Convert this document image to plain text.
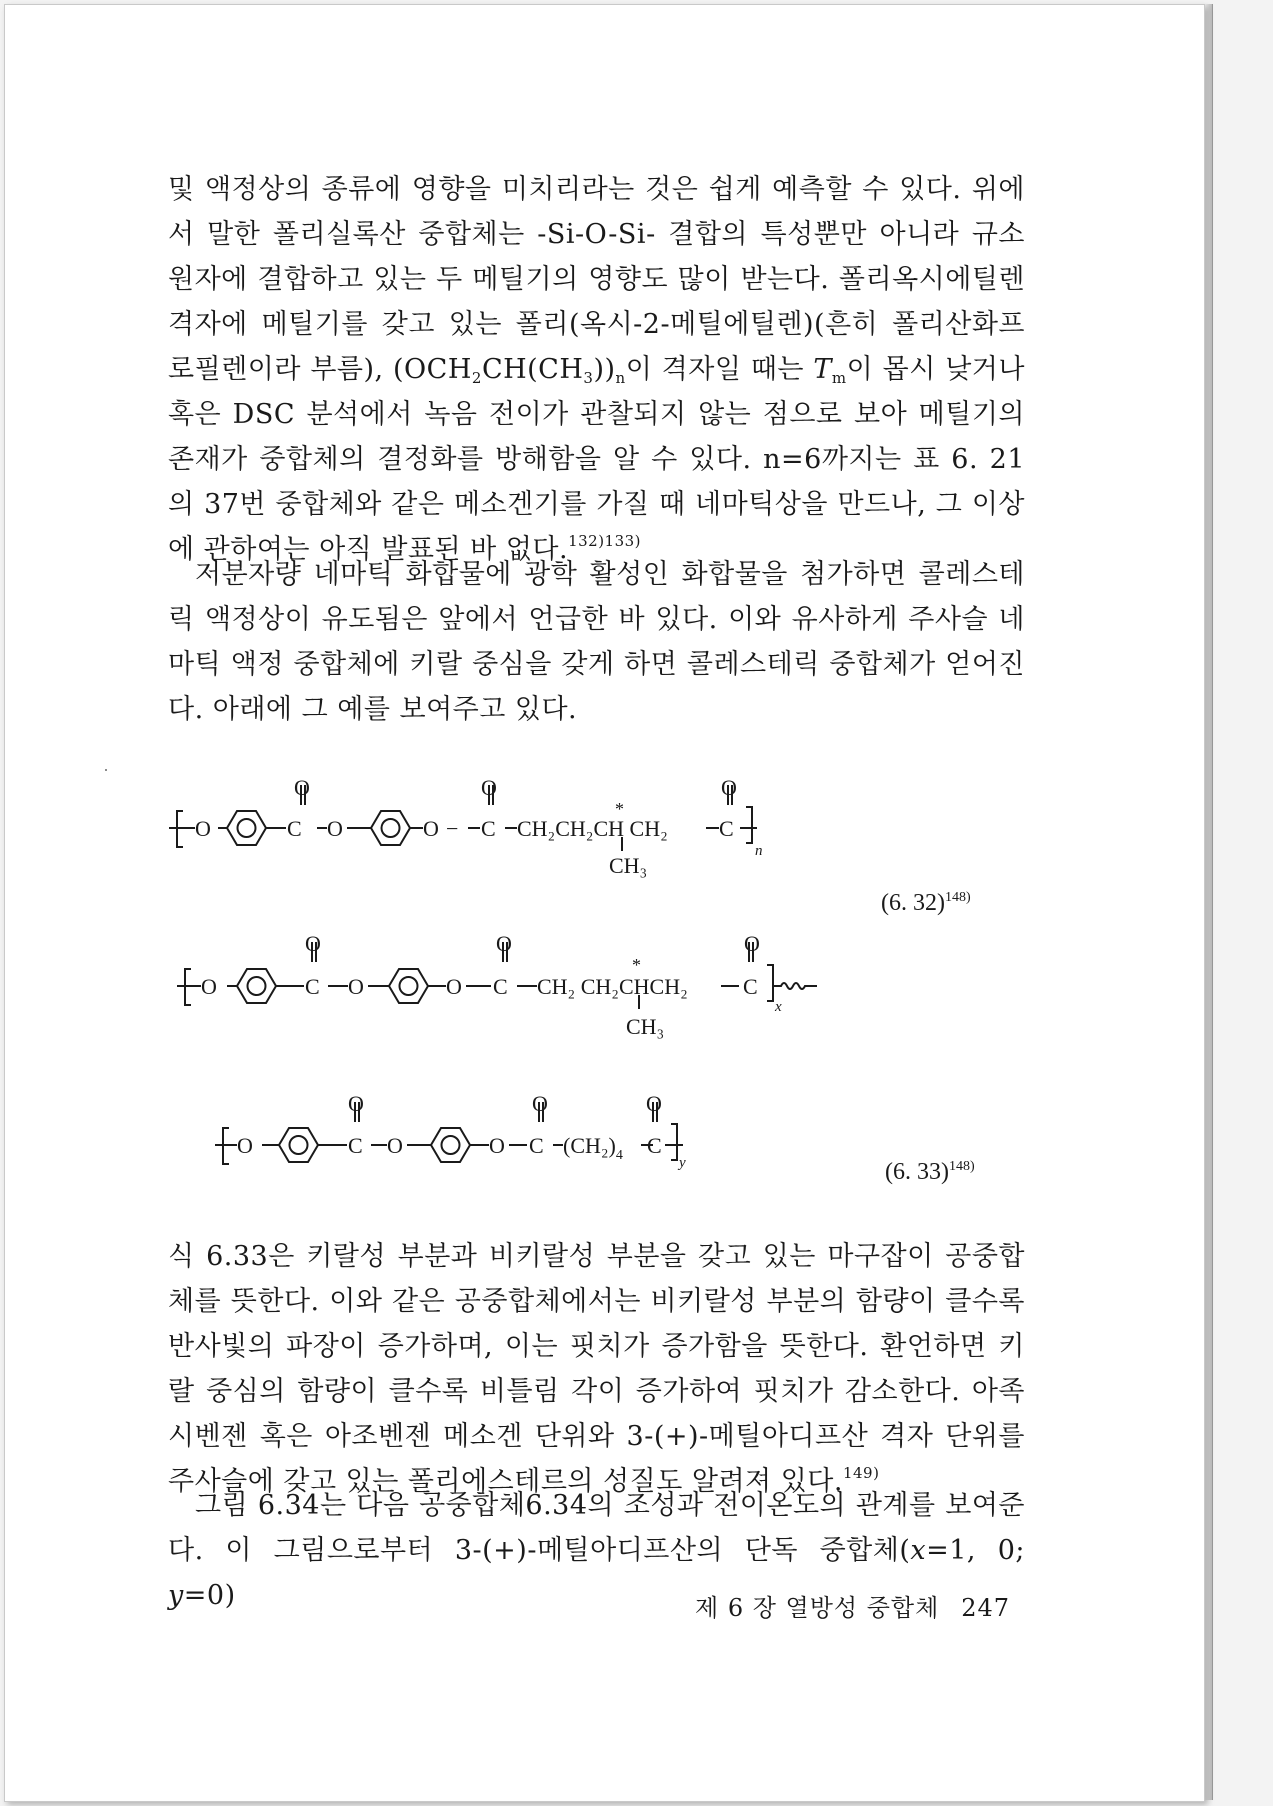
및 액정상의 종류에 영향을 미치리라는 것은 쉽게 예측할 수 있다. 위에서 말한 폴리실록산 중합체는 -Si-O-Si- 결합의 특성뿐만 아니라 규소 원자에 결합하고 있는 두 메틸기의 영향도 많이 받는다. 폴리옥시에틸렌 격자에 메틸기를 갖고 있는 폴리(옥시-2-메틸에틸렌)(흔히 폴리산화프로필렌이라 부름), $(OCH_2CH(CH_3))_n$이 격자일 때는 $T_m$이 몹시 낮거나 혹은 DSC 분석에서 녹음 전이가 관찰되지 않는 점으로 보아 메틸기의 존재가 중합체의 결정화를 방해함을 알 수 있다. n=6까지는 표 6. 21의 37번 중합체와 같은 메소겐기를 가질 때 네마틱상을 만드나, 그 이상에 관하여는 아직 발표된 바 없다.$^{132)133)}$

저분자량 네마틱 화합물에 광학 활성인 화합물을 첨가하면 콜레스테릭 액정상이 유도됨은 앞에서 언급한 바 있다. 이와 유사하게 주사슬 네마틱 액정 중합체에 키랄 중심을 갖게 하면 콜레스테릭 중합체가 얻어진다. 아래에 그 예를 보여주고 있다.

O	C O
O
O − C
O
CH₂CH₂CH CH₂
*
CH₃
C
O
n
(6. 32)$^{148)}$
O	C O
O
O C
O
CH₂ CH₂CHCH₂
*
CH₃
C
O
x
O	C O
O
O C
O
$(CH_2)_4$ C
O
y	(6. 33)$^{148)}$

식 6.33은 키랄성 부분과 비키랄성 부분을 갖고 있는 마구잡이 공중합체를 뜻한다. 이와 같은 공중합체에서는 비키랄성 부분의 함량이 클수록 반사빛의 파장이 증가하며, 이는 핏치가 증가함을 뜻한다. 환언하면 키랄 중심의 함량이 클수록 비틀림 각이 증가하여 핏치가 감소한다. 아족시벤젠 혹은 아조벤젠 메소겐 단위와 3-(+)-메틸아디프산 격자 단위를 주사슬에 갖고 있는 폴리에스테르의 성질도 알려져 있다.$^{149)}$

그림 6.34는 다음 공중합체6.34의 조성과 전이온도의 관계를 보여준다. 이 그림으로부터 3-(+)-메틸아디프산의 단독 중합체(x=1, 0; y=0)	제 6 장 열방성 중합체 247
